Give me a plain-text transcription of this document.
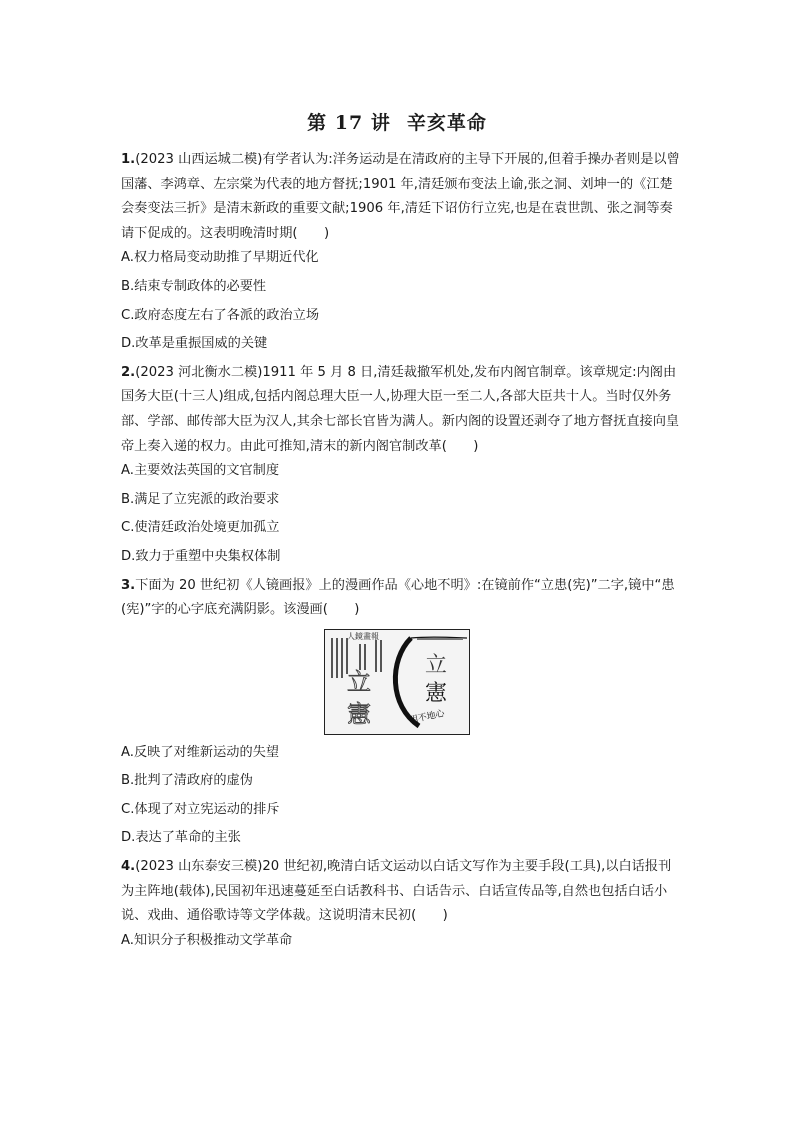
第 17 讲 辛亥革命

1.(2023 山西运城二模)有学者认为:洋务运动是在清政府的主导下开展的,但着手操办者则是以曾国藩、李鸿章、左宗棠为代表的地方督抚;1901 年,清廷颁布变法上谕,张之洞、刘坤一的《江楚会奏变法三折》是清末新政的重要文献;1906 年,清廷下诏仿行立宪,也是在袁世凯、张之洞等奏请下促成的。这表明晚清时期(　　)

A.权力格局变动助推了早期近代化

B.结束专制政体的必要性

C.政府态度左右了各派的政治立场

D.改革是重振国威的关键

2.(2023 河北衡水二模)1911 年 5 月 8 日,清廷裁撤军机处,发布内阁官制章。该章规定:内阁由国务大臣(十三人)组成,包括内阁总理大臣一人,协理大臣一至二人,各部大臣共十人。当时仅外务部、学部、邮传部大臣为汉人,其余七部长官皆为满人。新内阁的设置还剥夺了地方督抚直接向皇帝上奏入递的权力。由此可推知,清末的新内阁官制改革(　　)

A.主要效法英国的文官制度

B.满足了立宪派的政治要求

C.使清廷政治处境更加孤立

D.致力于重塑中央集权体制

3.下面为 20 世纪初《人镜画报》上的漫画作品《心地不明》:在镜前作“立患(宪)”二字,镜中“患(宪)”字的心字底充满阴影。该漫画(　　)

人鏡畫報
立
憲
立
憲
明不地心

A.反映了对维新运动的失望

B.批判了清政府的虚伪

C.体现了对立宪运动的排斥

D.表达了革命的主张

4.(2023 山东泰安三模)20 世纪初,晚清白话文运动以白话文写作为主要手段(工具),以白话报刊为主阵地(载体),民国初年迅速蔓延至白话教科书、白话告示、白话宣传品等,自然也包括白话小说、戏曲、通俗歌诗等文学体裁。这说明清末民初(　　)

A.知识分子积极推动文学革命
